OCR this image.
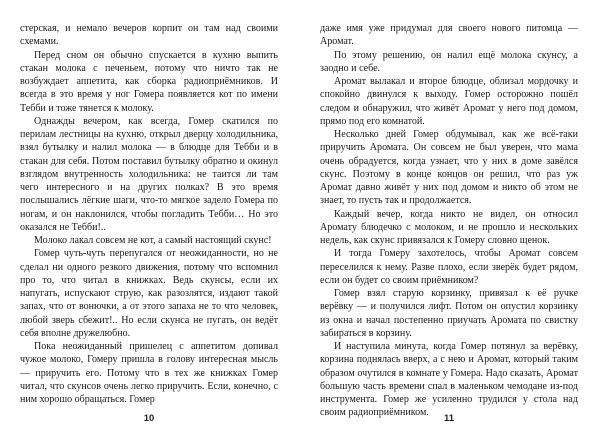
стерская, и немало вечеров корпит он там над своими схемами.

Перед сном он обычно спускается в кухню выпить стакан молока с печеньем, потому что ничто так не возбуждает аппетита, как сборка радиоприёмников. И всегда в это время у ног Гомера появляется кот по имени Тебби и тоже тянется к молоку.

Однажды вечером, как всегда, Гомер скатился по перилам лестницы на кухню, открыл дверцу холодильника, взял бутылку и налил молока — в блюдце для Тебби и в стакан для себя. Потом поставил бутылку обратно и окинул взглядом внутренность холодильника: не таится ли там чего интересного и на других полках? В это время послышались лёгкие шаги, что-то мягкое задело Гомера по ногам, и он наклонился, чтобы погладить Тебби… Но это оказался не Тебби!..

Молоко лакал совсем не кот, а самый настоящий скунс!

Гомер чуть-чуть перепугался от неожиданности, но не сделал ни одного резкого движения, потому что вспомнил про то, что читал в книжках. Ведь скунсы, если их напугать, испускают струю, как разозлятся, издают такой запах, что от вонючки, а от этого запаха не то что человек, любой зверь сбежит!.. Но если скунса не пугать, он ведёт себя вполне дружелюбно.

Пока неожиданный пришелец с аппетитом допивал чужое молоко, Гомеру пришла в голову интересная мысль — приручить его. Потому что в тех же книжках Гомер читал, что скунсов очень легко приручить. Если, конечно, с ним хорошо обращаться. Гомер

10

даже имя уже придумал для своего нового питомца — Аромат.

По этому решению, он налил ещё молока скунсу, а заодно и себе.

Аромат вылакал и второе блюдце, облизал мордочку и спокойно двинулся к выходу. Гомер осторожно пошёл следом и обнаружил, что живёт Аромат у него под домом, прямо под его комнатой.

Несколько дней Гомер обдумывал, как же всё-таки приручить Аромата. Он совсем не был уверен, что мама очень обрадуется, когда узнает, что у них в доме завёлся скунс. Поэтому в конце концов он решил, что раз уж Аромат давно живёт у них под домом и никто об этом не знает, то пусть так и продолжается.

Каждый вечер, когда никто не видел, он относил Аромату блюдечко с молоком, и не прошло и нескольких недель, как скунс привязался к Гомеру словно щенок.

И тогда Гомеру захотелось, чтобы Аромат совсем переселился к нему. Разве плохо, если зверёк будет рядом, если он будет со своим приёмником?

Гомер взял старую корзинку, привязал к её ручке верёвку — и получился лифт. Потом он опустил корзинку из окна и начал постепенно приучать Аромата по свистку забираться в корзину.

И наступила минута, когда Гомер потянул за верёвку, корзина поднялась вверх, а с нею и Аромат, который таким образом очутился в комнате у Гомера. Надо сказать, Аромат большую часть времени спал в маленьком чемодане из-под инструмента. Гомер же усиленно трудился у стола над своим радиоприёмником.

11
